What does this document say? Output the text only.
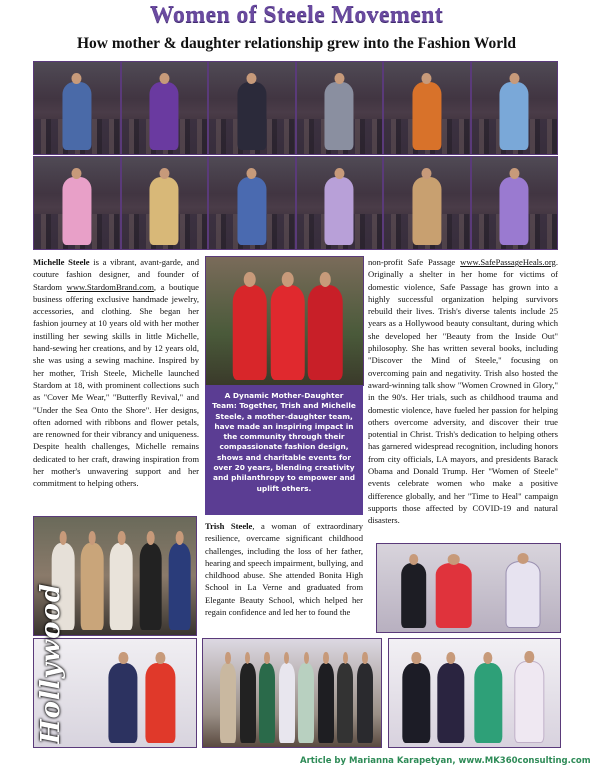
Women of Steele Movement
How mother & daughter relationship grew into the Fashion World

Michelle Steele is a vibrant, avant-garde, and couture fashion designer, and founder of Stardom www.StardomBrand.com, a boutique business offering exclusive handmade jewelry, accessories, and clothing. She began her fashion journey at 10 years old with her mother instilling her sewing skills in little Michelle, hand-sewing her creations, and by 12 years old, she was using a sewing machine. Inspired by her mother, Trish Steele, Michelle launched Stardom at 18, with prominent collections such as "Cover Me Wear," "Butterfly Revival," and "Under the Sea Onto the Shore". Her designs, often adorned with ribbons and flower petals, are renowned for their vibrancy and uniqueness. Despite health challenges, Michelle remains dedicated to her craft, drawing inspiration from her mother's unwavering support and her commitment to helping others.

A Dynamic Mother-Daughter Team: Together, Trish and Michelle Steele, a mother-daughter team, have made an inspiring impact in the community through their compassionate fashion design, shows and charitable events for over 20 years, blending creativity and philanthropy to empower and uplift others.

Trish Steele, a woman of extraordinary resilience, overcame significant childhood challenges, including the loss of her father, hearing and speech impairment, bullying, and childhood abuse. She attended Bonita High School in La Verne and graduated from Elegante Beauty School, which helped her regain confidence and led her to found the

non-profit Safe Passage www.SafePassageHeals.org. Originally a shelter in her home for victims of domestic violence, Safe Passage has grown into a highly successful organization helping survivors rebuild their lives. Trish's diverse talents include 25 years as a Hollywood beauty consultant, during which she developed her "Beauty from the Inside Out" philosophy. She has written several books, including "Discover the Mind of Steele," focusing on overcoming pain and negativity. Trish also hosted the award-winning talk show "Women Crowned in Glory," in the 90's. Her trials, such as childhood trauma and domestic violence, have fueled her passion for helping others overcome adversity, and discover their true potential in Christ. Trish's dedication to helping others has garnered widespread recognition, including honors from city officials, LA mayors, and presidents Barack Obama and Donald Trump. Her "Women of Steele" events celebrate women who make a positive difference globally, and her "Time to Heal" campaign supports those affected by COVID-19 and natural disasters.

Hollywood
Article by Marianna Karapetyan, www.MK360consulting.com
